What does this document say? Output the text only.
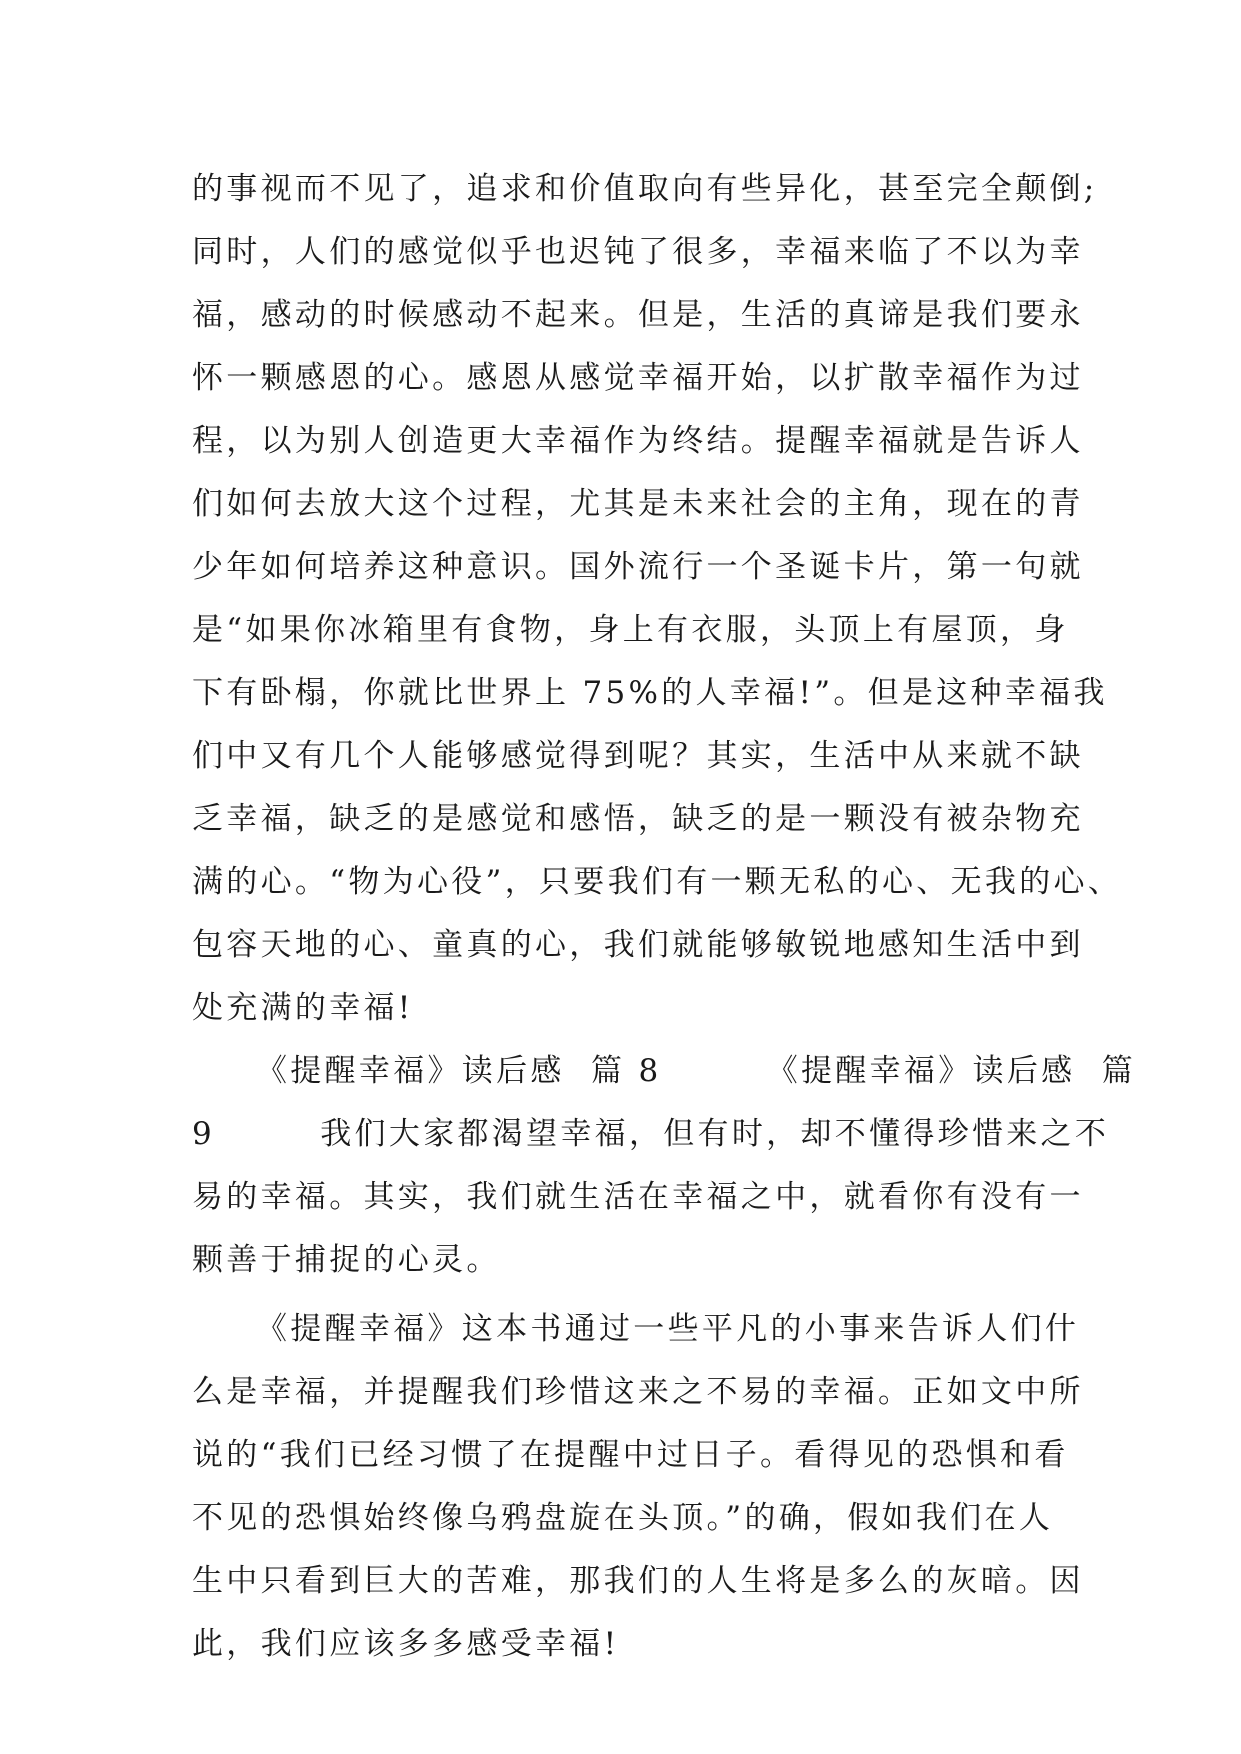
的事视而不见了，追求和价值取向有些异化，甚至完全颠倒;
同时，人们的感觉似乎也迟钝了很多，幸福来临了不以为幸
福，感动的时候感动不起来。但是，生活的真谛是我们要永
怀一颗感恩的心。感恩从感觉幸福开始，以扩散幸福作为过
程，以为别人创造更大幸福作为终结。提醒幸福就是告诉人
们如何去放大这个过程，尤其是未来社会的主角，现在的青
少年如何培养这种意识。国外流行一个圣诞卡片，第一句就
是“如果你冰箱里有食物，身上有衣服，头顶上有屋顶，身
下有卧榻，你就比世界上 75%的人幸福!”。但是这种幸福我
们中又有几个人能够感觉得到呢？其实，生活中从来就不缺
乏幸福，缺乏的是感觉和感悟，缺乏的是一颗没有被杂物充
满的心。“物为心役”，只要我们有一颗无私的心、无我的心、
包容天地的心、童真的心，我们就能够敏锐地感知生活中到
处充满的幸福!
《提醒幸福》读后感  篇 8        《提醒幸福》读后感  篇
9        我们大家都渴望幸福，但有时，却不懂得珍惜来之不
易的幸福。其实，我们就生活在幸福之中，就看你有没有一
颗善于捕捉的心灵。
《提醒幸福》这本书通过一些平凡的小事来告诉人们什
么是幸福，并提醒我们珍惜这来之不易的幸福。正如文中所
说的“我们已经习惯了在提醒中过日子。看得见的恐惧和看
不见的恐惧始终像乌鸦盘旋在头顶。”的确，假如我们在人
生中只看到巨大的苦难，那我们的人生将是多么的灰暗。因
此，我们应该多多感受幸福!
